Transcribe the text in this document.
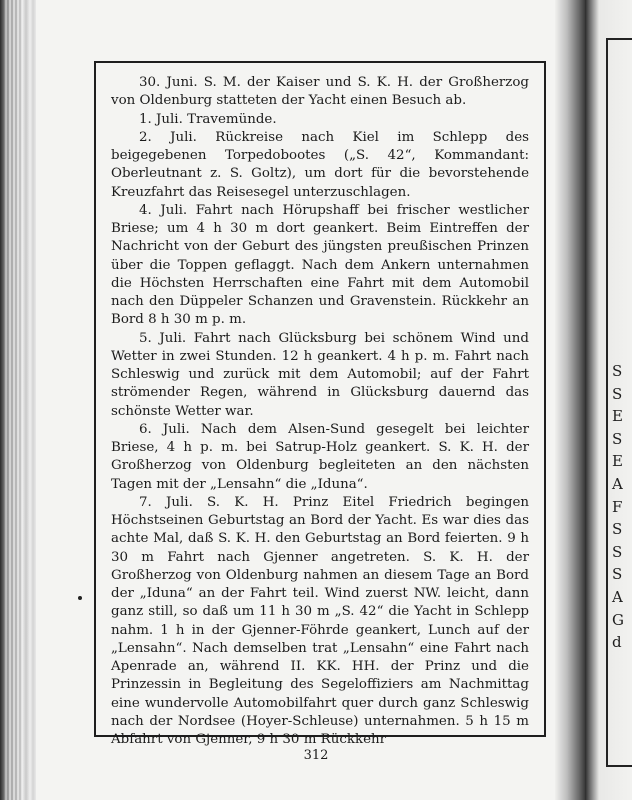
S
S
E
S
E
A
F
S
S
S
A
G
d

30. Juni. S. M. der Kaiser und S. K. H. der Großherzog von Oldenburg statteten der Yacht einen Besuch ab.

1. Juli. Travemünde.

2. Juli. Rückreise nach Kiel im Schlepp des beigegebenen Torpedobootes („S. 42“, Kommandant: Oberleutnant z. S. Goltz), um dort für die bevorstehende Kreuzfahrt das Reisesegel unterzuschlagen.

4. Juli. Fahrt nach Hörupshaff bei frischer westlicher Briese; um 4 h 30 m dort geankert. Beim Eintreffen der Nachricht von der Geburt des jüngsten preußischen Prinzen über die Toppen geflaggt. Nach dem Ankern unternahmen die Höchsten Herrschaften eine Fahrt mit dem Automobil nach den Düppeler Schanzen und Gravenstein. Rückkehr an Bord 8 h 30 m p. m.

5. Juli. Fahrt nach Glücksburg bei schönem Wind und Wetter in zwei Stunden. 12 h geankert. 4 h p. m. Fahrt nach Schleswig und zurück mit dem Automobil; auf der Fahrt strömender Regen, während in Glücksburg dauernd das schönste Wetter war.

6. Juli. Nach dem Alsen-Sund gesegelt bei leichter Briese, 4 h p. m. bei Satrup-Holz geankert. S. K. H. der Großherzog von Oldenburg begleiteten an den nächsten Tagen mit der „Lensahn“ die „Iduna“.

7. Juli. S. K. H. Prinz Eitel Friedrich begingen Höchstseinen Geburtstag an Bord der Yacht. Es war dies das achte Mal, daß S. K. H. den Geburtstag an Bord feierten. 9 h 30 m Fahrt nach Gjenner angetreten. S. K. H. der Großherzog von Oldenburg nahmen an diesem Tage an Bord der „Iduna“ an der Fahrt teil. Wind zuerst NW. leicht, dann ganz still, so daß um 11 h 30 m „S. 42“ die Yacht in Schlepp nahm. 1 h in der Gjenner-Föhrde geankert, Lunch auf der „Lensahn“. Nach demselben trat „Lensahn“ eine Fahrt nach Apenrade an, während II. KK. HH. der Prinz und die Prinzessin in Begleitung des Segeloffiziers am Nachmittag eine wundervolle Automobilfahrt quer durch ganz Schleswig nach der Nordsee (Hoyer-Schleuse) unternahmen. 5 h 15 m Abfahrt von Gjenner, 9 h 30 m Rückkehr

312
